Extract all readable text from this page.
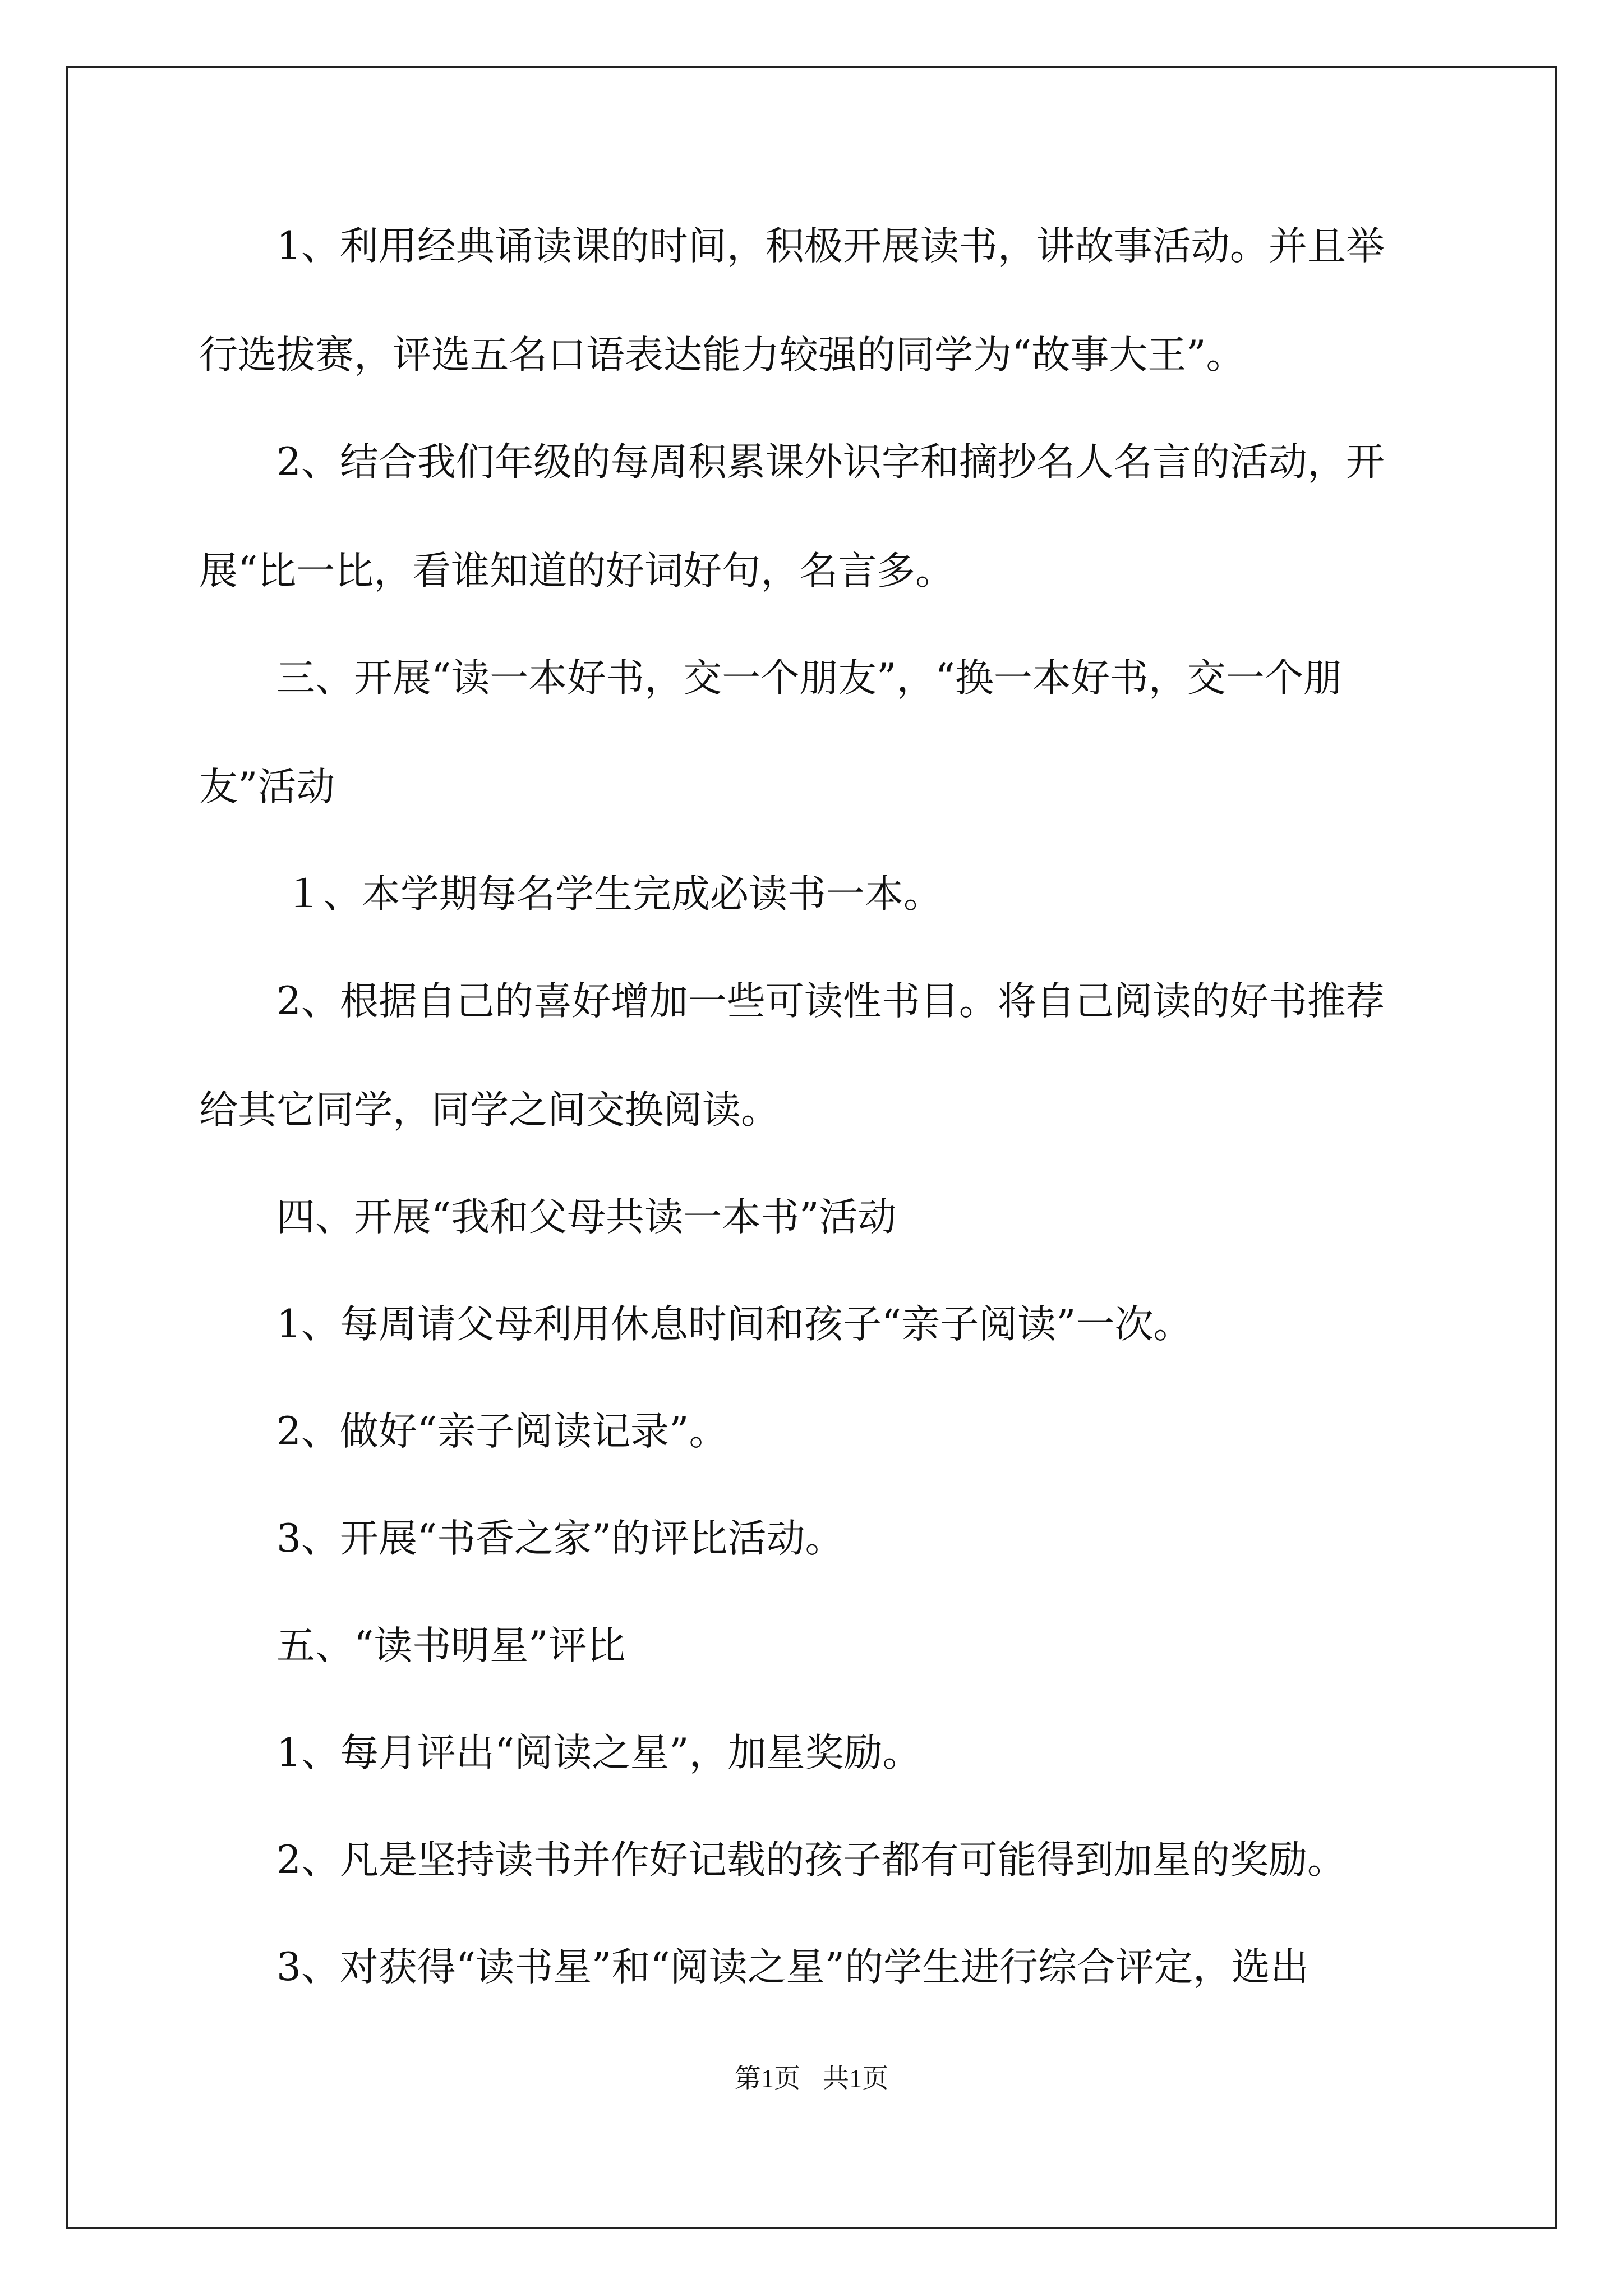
1、利用经典诵读课的时间，积极开展读书，讲故事活动。并且举
行选拔赛，评选五名口语表达能力较强的同学为“故事大王”。
2、结合我们年级的每周积累课外识字和摘抄名人名言的活动，开
展“比一比，看谁知道的好词好句，名言多。
三、开展“读一本好书，交一个朋友”，“换一本好书，交一个朋
友”活动
１、本学期每名学生完成必读书一本。
2、根据自己的喜好增加一些可读性书目。将自己阅读的好书推荐
给其它同学，同学之间交换阅读。
四、开展“我和父母共读一本书”活动
1、每周请父母利用休息时间和孩子“亲子阅读”一次。
2、做好“亲子阅读记录”。
3、开展“书香之家”的评比活动。
五、“读书明星”评比
1、每月评出“阅读之星”，加星奖励。
2、凡是坚持读书并作好记载的孩子都有可能得到加星的奖励。
3、对获得“读书星”和“阅读之星”的学生进行综合评定，选出
第1页 共1页
